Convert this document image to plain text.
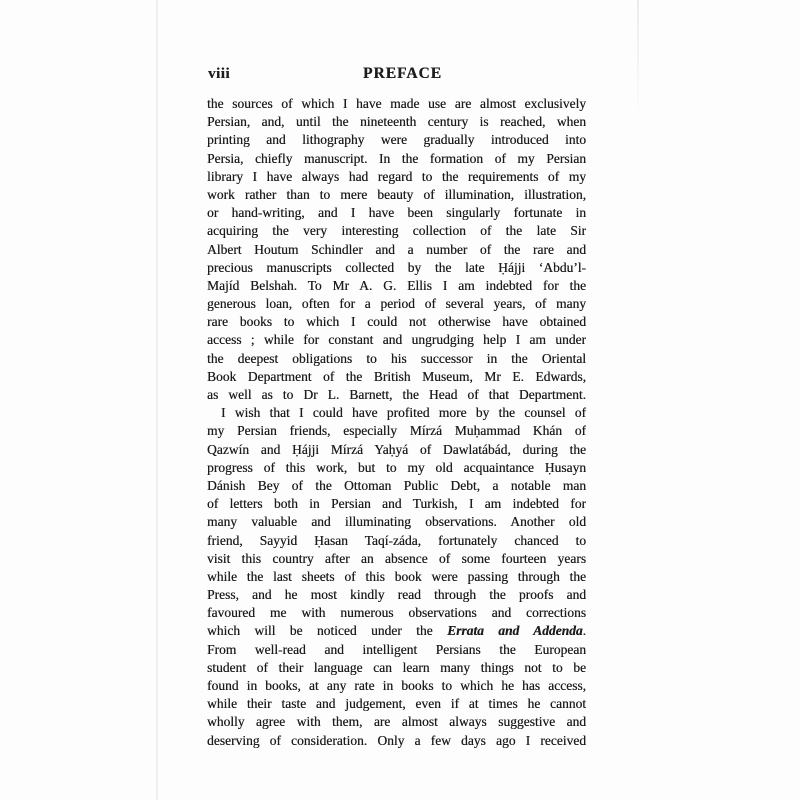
viii	PREFACE
the sources of which I have made use are almost exclusively
Persian, and, until the nineteenth century is reached, when
printing and lithography were gradually introduced into
Persia, chiefly manuscript. In the formation of my Persian
library I have always had regard to the requirements of my
work rather than to mere beauty of illumination, illustration,
or hand-writing, and I have been singularly fortunate in
acquiring the very interesting collection of the late Sir
Albert Houtum Schindler and a number of the rare and
precious manuscripts collected by the late Ḥájji ‘Abdu’l-
Majíd Belshah. To Mr A. G. Ellis I am indebted for the
generous loan, often for a period of several years, of many
rare books to which I could not otherwise have obtained
access ; while for constant and ungrudging help I am under
the deepest obligations to his successor in the Oriental
Book Department of the British Museum, Mr E. Edwards,
as well as to Dr L. Barnett, the Head of that Department.
I wish that I could have profited more by the counsel of
my Persian friends, especially Mírzá Muḥammad Khán of
Qazwín and Ḥájji Mírzá Yaḥyá of Dawlatábád, during the
progress of this work, but to my old acquaintance Ḥusayn
Dánish Bey of the Ottoman Public Debt, a notable man
of letters both in Persian and Turkish, I am indebted for
many valuable and illuminating observations. Another old
friend, Sayyid Ḥasan Taqí-záda, fortunately chanced to
visit this country after an absence of some fourteen years
while the last sheets of this book were passing through the
Press, and he most kindly read through the proofs and
favoured me with numerous observations and corrections
which will be noticed under the Errata and Addenda.
From well-read and intelligent Persians the European
student of their language can learn many things not to be
found in books, at any rate in books to which he has access,
while their taste and judgement, even if at times he cannot
wholly agree with them, are almost always suggestive and
deserving of consideration. Only a few days ago I received
